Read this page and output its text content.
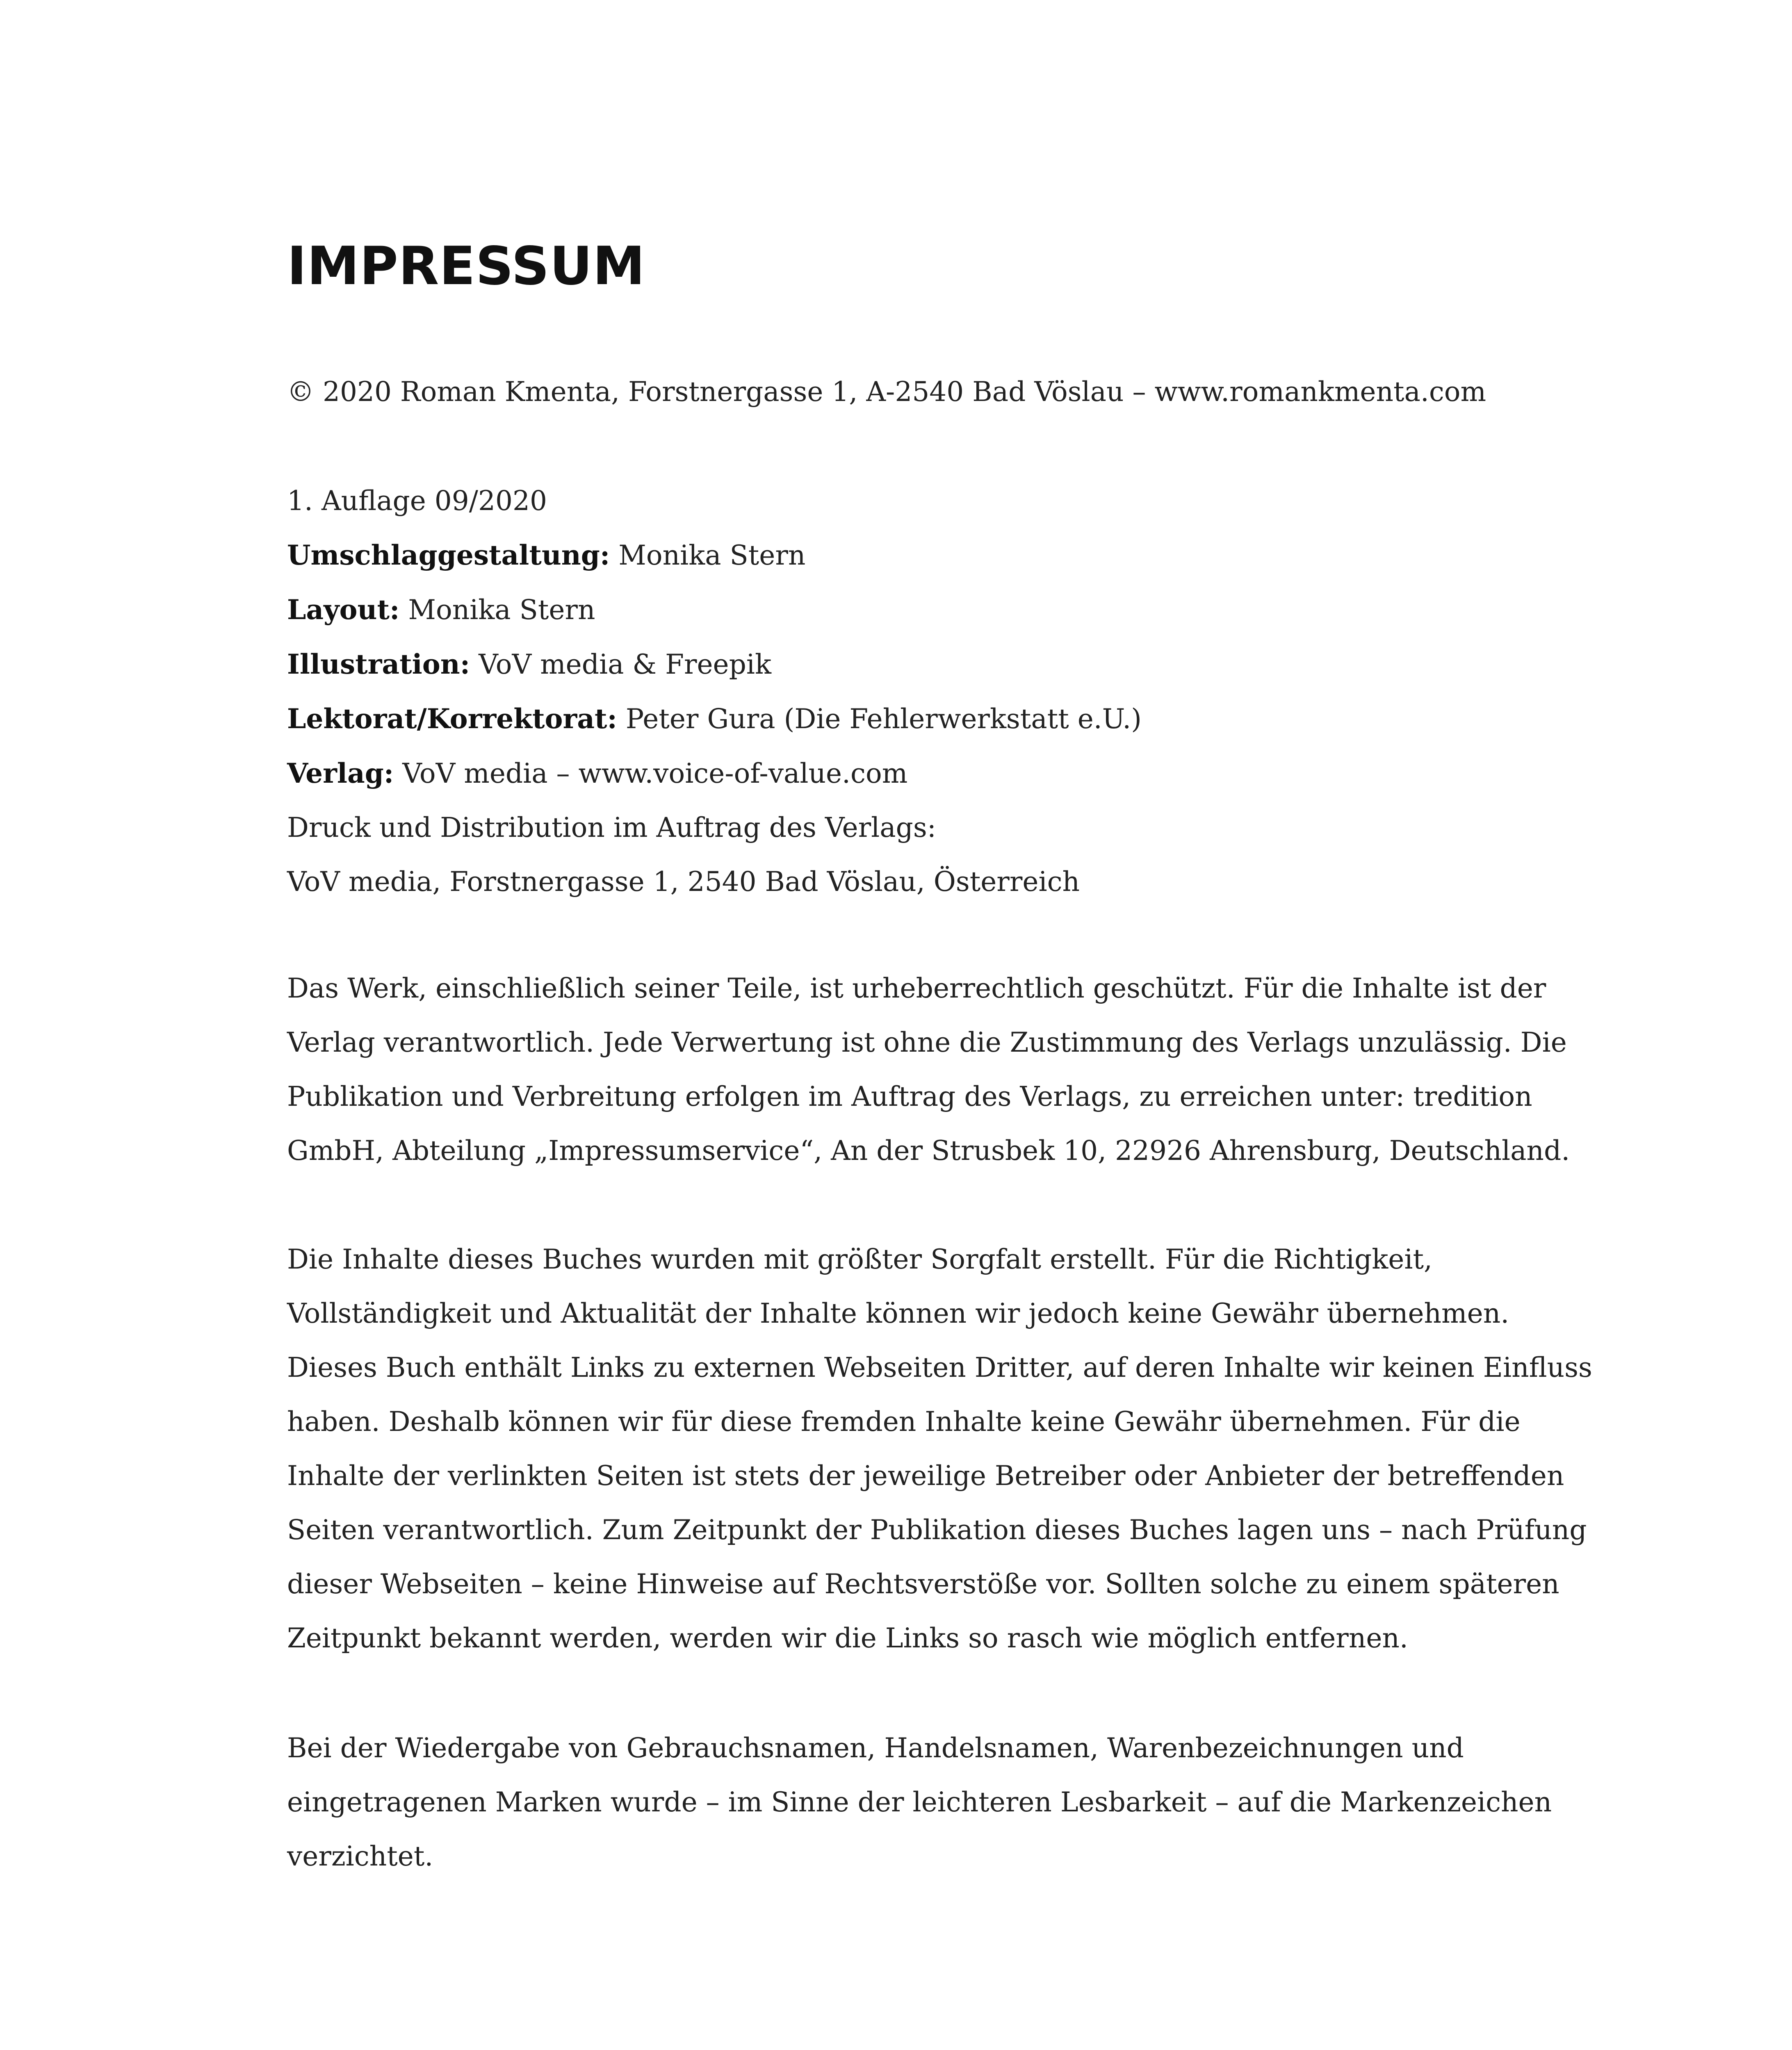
IMPRESSUM

© 2020 Roman Kmenta, Forstnergasse 1, A-2540 Bad Vöslau – www.romankmenta.com

1. Auflage 09/2020
Umschlaggestaltung: Monika Stern
Layout: Monika Stern
Illustration: VoV media & Freepik
Lektorat/Korrektorat: Peter Gura (Die Fehlerwerkstatt e.U.)
Verlag: VoV media – www.voice-of-value.com
Druck und Distribution im Auftrag des Verlags:
VoV media, Forstnergasse 1, 2540 Bad Vöslau, Österreich

Das Werk, einschließlich seiner Teile, ist urheberrechtlich geschützt. Für die Inhalte ist der
Verlag verantwortlich. Jede Verwertung ist ohne die Zustimmung des Verlags unzulässig. Die
Publikation und Verbreitung erfolgen im Auftrag des Verlags, zu erreichen unter: tredition
GmbH, Abteilung „Impressumservice“, An der Strusbek 10, 22926 Ahrensburg, Deutschland.

Die Inhalte dieses Buches wurden mit größter Sorgfalt erstellt. Für die Richtigkeit,
Vollständigkeit und Aktualität der Inhalte können wir jedoch keine Gewähr übernehmen.
Dieses Buch enthält Links zu externen Webseiten Dritter, auf deren Inhalte wir keinen Einfluss
haben. Deshalb können wir für diese fremden Inhalte keine Gewähr übernehmen. Für die
Inhalte der verlinkten Seiten ist stets der jeweilige Betreiber oder Anbieter der betreffenden
Seiten verantwortlich. Zum Zeitpunkt der Publikation dieses Buches lagen uns – nach Prüfung
dieser Webseiten – keine Hinweise auf Rechtsverstöße vor. Sollten solche zu einem späteren
Zeitpunkt bekannt werden, werden wir die Links so rasch wie möglich entfernen.

Bei der Wiedergabe von Gebrauchsnamen, Handelsnamen, Warenbezeichnungen und
eingetragenen Marken wurde – im Sinne der leichteren Lesbarkeit – auf die Markenzeichen
verzichtet.
